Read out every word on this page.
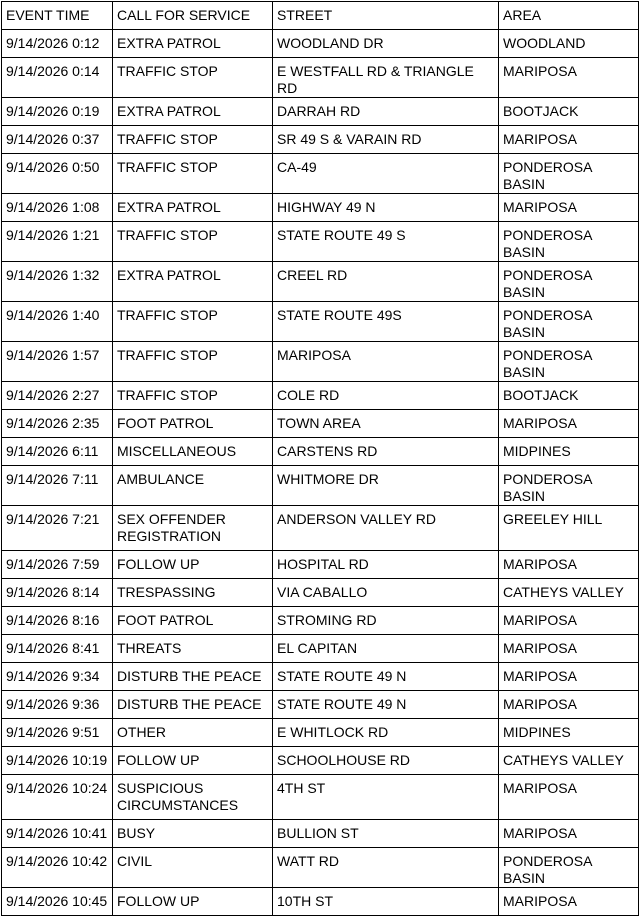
EVENT TIME	CALL FOR SERVICE	STREET	AREA
9/14/2026 0:12	EXTRA PATROL	WOODLAND DR	WOODLAND
9/14/2026 0:14	TRAFFIC STOP	E WESTFALL RD & TRIANGLE RD	MARIPOSA
9/14/2026 0:19	EXTRA PATROL	DARRAH RD	BOOTJACK
9/14/2026 0:37	TRAFFIC STOP	SR 49 S & VARAIN RD	MARIPOSA
9/14/2026 0:50	TRAFFIC STOP	CA-49	PONDEROSA BASIN
9/14/2026 1:08	EXTRA PATROL	HIGHWAY 49 N	MARIPOSA
9/14/2026 1:21	TRAFFIC STOP	STATE ROUTE 49 S	PONDEROSA BASIN
9/14/2026 1:32	EXTRA PATROL	CREEL RD	PONDEROSA BASIN
9/14/2026 1:40	TRAFFIC STOP	STATE ROUTE 49S	PONDEROSA BASIN
9/14/2026 1:57	TRAFFIC STOP	MARIPOSA	PONDEROSA BASIN
9/14/2026 2:27	TRAFFIC STOP	COLE RD	BOOTJACK
9/14/2026 2:35	FOOT PATROL	TOWN AREA	MARIPOSA
9/14/2026 6:11	MISCELLANEOUS	CARSTENS RD	MIDPINES
9/14/2026 7:11	AMBULANCE	WHITMORE DR	PONDEROSA BASIN
9/14/2026 7:21	SEX OFFENDER REGISTRATION	ANDERSON VALLEY RD	GREELEY HILL
9/14/2026 7:59	FOLLOW UP	HOSPITAL RD	MARIPOSA
9/14/2026 8:14	TRESPASSING	VIA CABALLO	CATHEYS VALLEY
9/14/2026 8:16	FOOT PATROL	STROMING RD	MARIPOSA
9/14/2026 8:41	THREATS	EL CAPITAN	MARIPOSA
9/14/2026 9:34	DISTURB THE PEACE	STATE ROUTE 49 N	MARIPOSA
9/14/2026 9:36	DISTURB THE PEACE	STATE ROUTE 49 N	MARIPOSA
9/14/2026 9:51	OTHER	E WHITLOCK RD	MIDPINES
9/14/2026 10:19	FOLLOW UP	SCHOOLHOUSE RD	CATHEYS VALLEY
9/14/2026 10:24	SUSPICIOUS CIRCUMSTANCES	4TH ST	MARIPOSA
9/14/2026 10:41	BUSY	BULLION ST	MARIPOSA
9/14/2026 10:42	CIVIL	WATT RD	PONDEROSA BASIN
9/14/2026 10:45	FOLLOW UP	10TH ST	MARIPOSA
